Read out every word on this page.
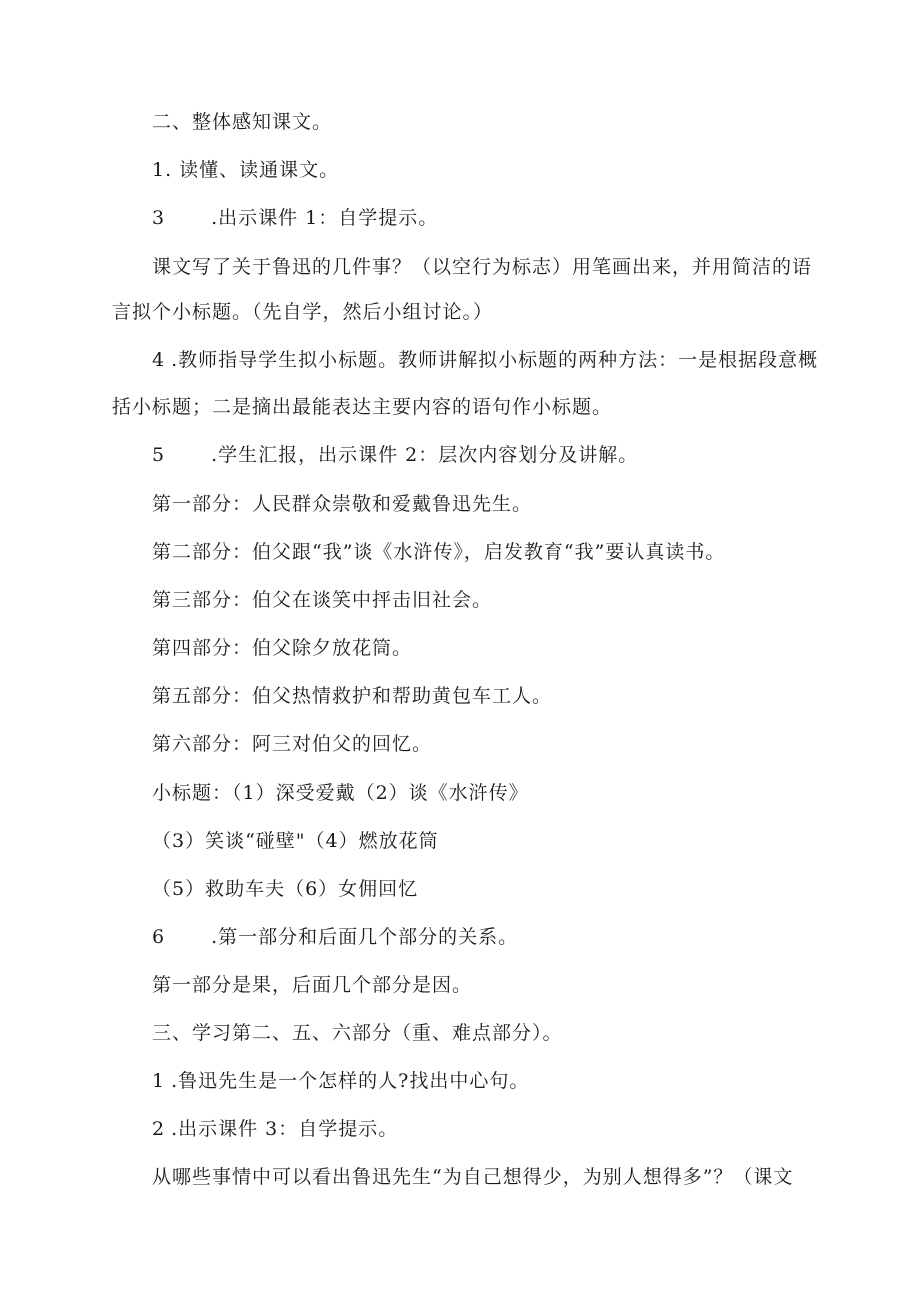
二、整体感知课文。
1. 读懂、读通课文。
3 .出示课件 1：自学提示。
课文写了关于鲁迅的几件事？（以空行为标志）用笔画出来，并用简洁的语
言拟个小标题。（先自学，然后小组讨论。）
4 .教师指导学生拟小标题。教师讲解拟小标题的两种方法：一是根据段意概
括小标题；二是摘出最能表达主要内容的语句作小标题。
5 .学生汇报，出示课件 2：层次内容划分及讲解。
第一部分：人民群众崇敬和爱戴鲁迅先生。
第二部分：伯父跟“我”谈《水浒传》，启发教育“我”要认真读书。
第三部分：伯父在谈笑中抨击旧社会。
第四部分：伯父除夕放花筒。
第五部分：伯父热情救护和帮助黄包车工人。
第六部分：阿三对伯父的回忆。
小标题：（1）深受爱戴（2）谈《水浒传》
（3）笑谈“碰壁"（4）燃放花筒
（5）救助车夫（6）女佣回忆
6 .第一部分和后面几个部分的关系。
第一部分是果，后面几个部分是因。
三、学习第二、五、六部分（重、难点部分）。
1 .鲁迅先生是一个怎样的人?找出中心句。
2 .出示课件 3：自学提示。
从哪些事情中可以看出鲁迅先生“为自己想得少，为别人想得多”？（课文
